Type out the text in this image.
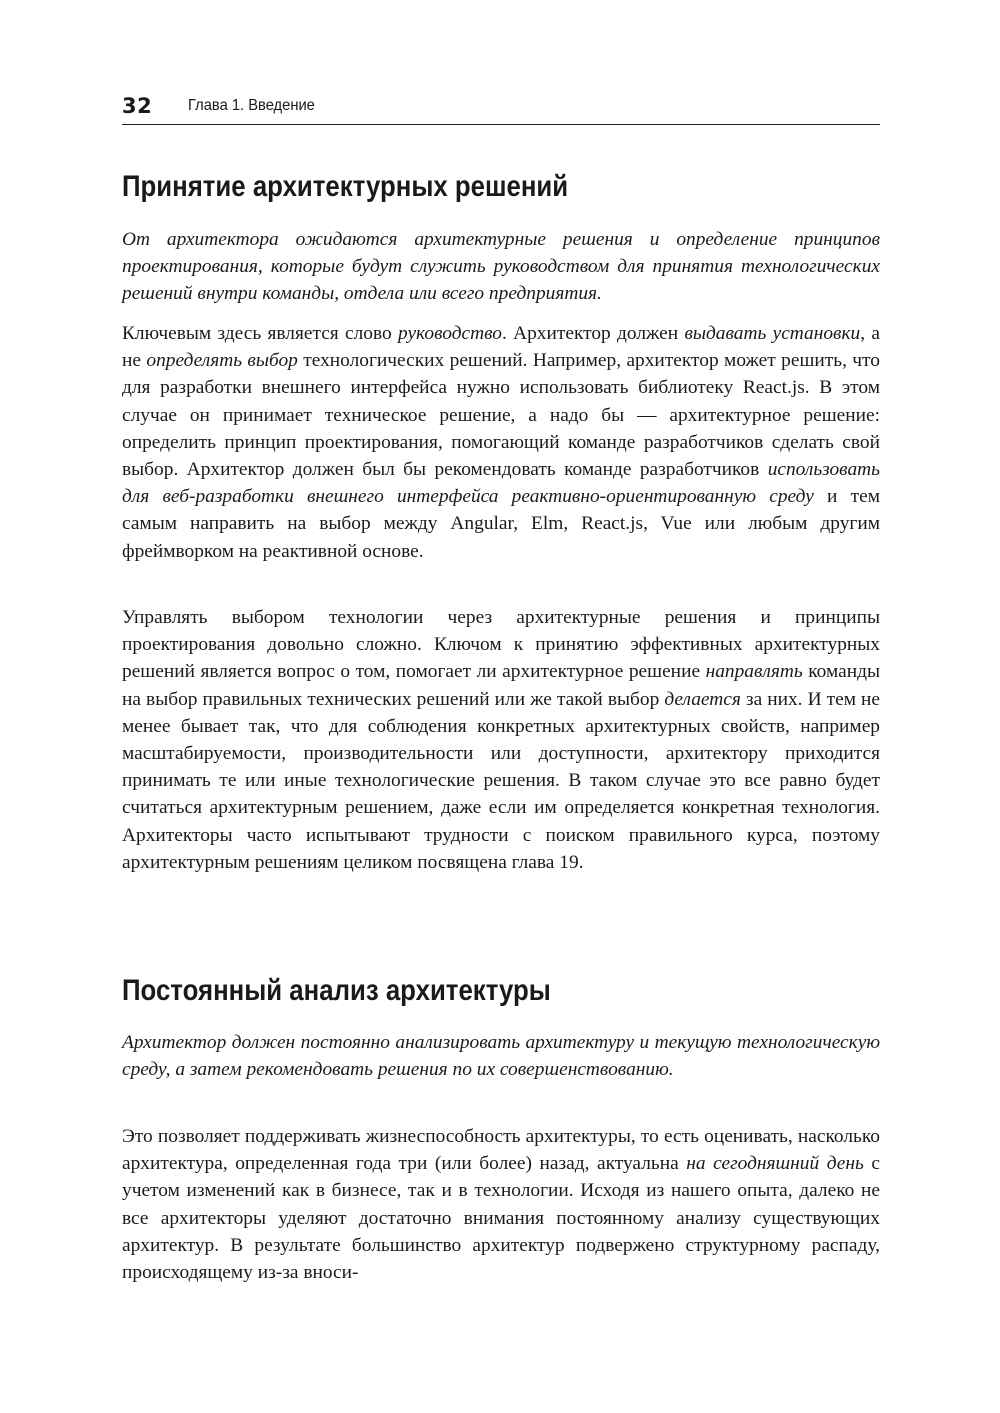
32	Глава 1. Введение
Принятие архитектурных решений

От архитектора ожидаются архитектурные решения и определение принципов проектирования, которые будут служить руководством для принятия технологических решений внутри команды, отдела или всего предприятия.

Ключевым здесь является слово руководство. Архитектор должен выдавать установки, а не определять выбор технологических решений. Например, архитектор может решить, что для разработки внешнего интерфейса нужно использовать библиотеку React.js. В этом случае он принимает техническое решение, а надо бы — архитектурное решение: определить принцип проектирования, помогающий команде разработчиков сделать свой выбор. Архитектор должен был бы рекомендовать команде разработчиков использовать для веб-разработки внешнего интерфейса реактивно-ориентированную среду и тем самым направить на выбор между Angular, Elm, React.js, Vue или любым другим фреймворком на реактивной основе.

Управлять выбором технологии через архитектурные решения и принципы проектирования довольно сложно. Ключом к принятию эффективных архитектурных решений является вопрос о том, помогает ли архитектурное решение направлять команды на выбор правильных технических решений или же такой выбор делается за них. И тем не менее бывает так, что для соблюдения конкретных архитектурных свойств, например масштабируемости, производительности или доступности, архитектору приходится принимать те или иные технологические решения. В таком случае это все равно будет считаться архитектурным решением, даже если им определяется конкретная технология. Архитекторы часто испытывают трудности с поиском правильного курса, поэтому архитектурным решениям целиком посвящена глава 19.

Постоянный анализ архитектуры

Архитектор должен постоянно анализировать архитектуру и текущую технологическую среду, а затем рекомендовать решения по их совершенствованию.

Это позволяет поддерживать жизнеспособность архитектуры, то есть оценивать, насколько архитектура, определенная года три (или более) назад, актуальна на сегодняшний день с учетом изменений как в бизнесе, так и в технологии. Исходя из нашего опыта, далеко не все архитекторы уделяют достаточно внимания постоянному анализу существующих архитектур. В результате большинство архитектур подвержено структурному распаду, происходящему из-за вноси-
